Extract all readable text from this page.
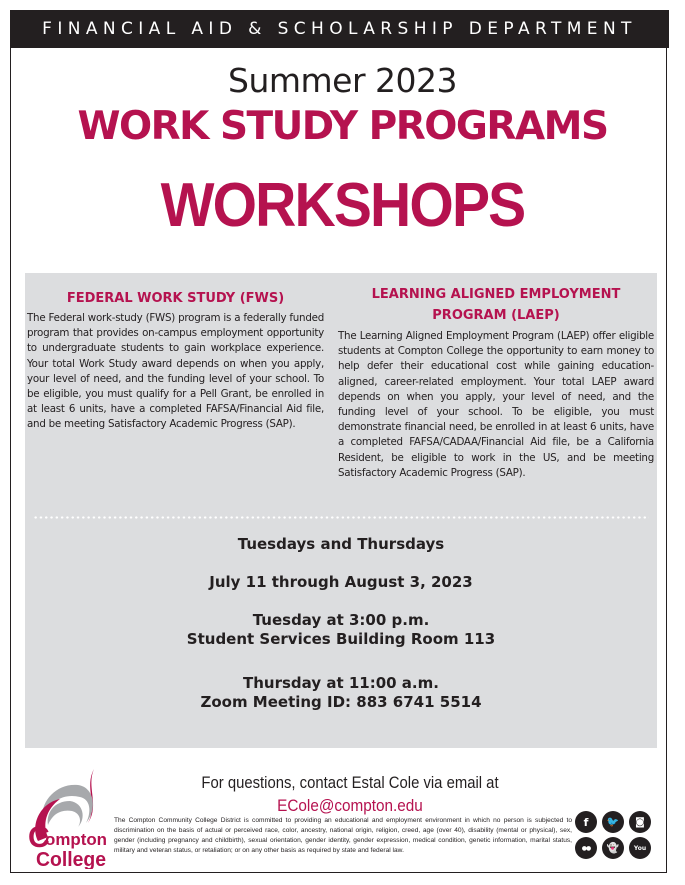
FINANCIAL AID & SCHOLARSHIP DEPARTMENT
Summer 2023
WORK STUDY PROGRAMS
WORKSHOPS
FEDERAL WORK STUDY (FWS)

The Federal work-study (FWS) program is a federally funded program that provides on-campus employment opportunity to undergraduate students to gain workplace experience. Your total Work Study award depends on when you apply, your level of need, and the funding level of your school. To be eligible, you must qualify for a Pell Grant, be enrolled in at least 6 units, have a completed FAFSA/Financial Aid file, and be meeting Satisfactory Academic Progress (SAP).

LEARNING ALIGNED EMPLOYMENT PROGRAM (LAEP)

The Learning Aligned Employment Program (LAEP) offer eligible students at Compton College the opportunity to earn money to help defer their educational cost while gaining education-aligned, career-related employment. Your total LAEP award depends on when you apply, your level of need, and the funding level of your school. To be eligible, you must demonstrate financial need, be enrolled in at least 6 units, have a completed FAFSA/CADAA/Financial Aid file, be a California Resident, be eligible to work in the US, and be meeting Satisfactory Academic Progress (SAP).

Tuesdays and Thursdays
July 11 through August 3, 2023
Tuesday at 3:00 p.m.
Student Services Building Room 113
Thursday at 11:00 a.m.
Zoom Meeting ID: 883 6741 5514
C
ompton
College
For questions, contact Estal Cole via email at
ECole@compton.edu
The Compton Community College District is committed to providing an educational and employment environment in which no person is subjected to discrimination on the basis of actual or perceived race, color, ancestry, national origin, religion, creed, age (over 40), disability (mental or physical), sex, gender (including pregnancy and childbirth), sexual orientation, gender identity, gender expression, medical condition, genetic information, marital status, military and veteran status, or retaliation; or on any other basis as required by state and federal law.
f 🐦 ◙
●● 👻 You
